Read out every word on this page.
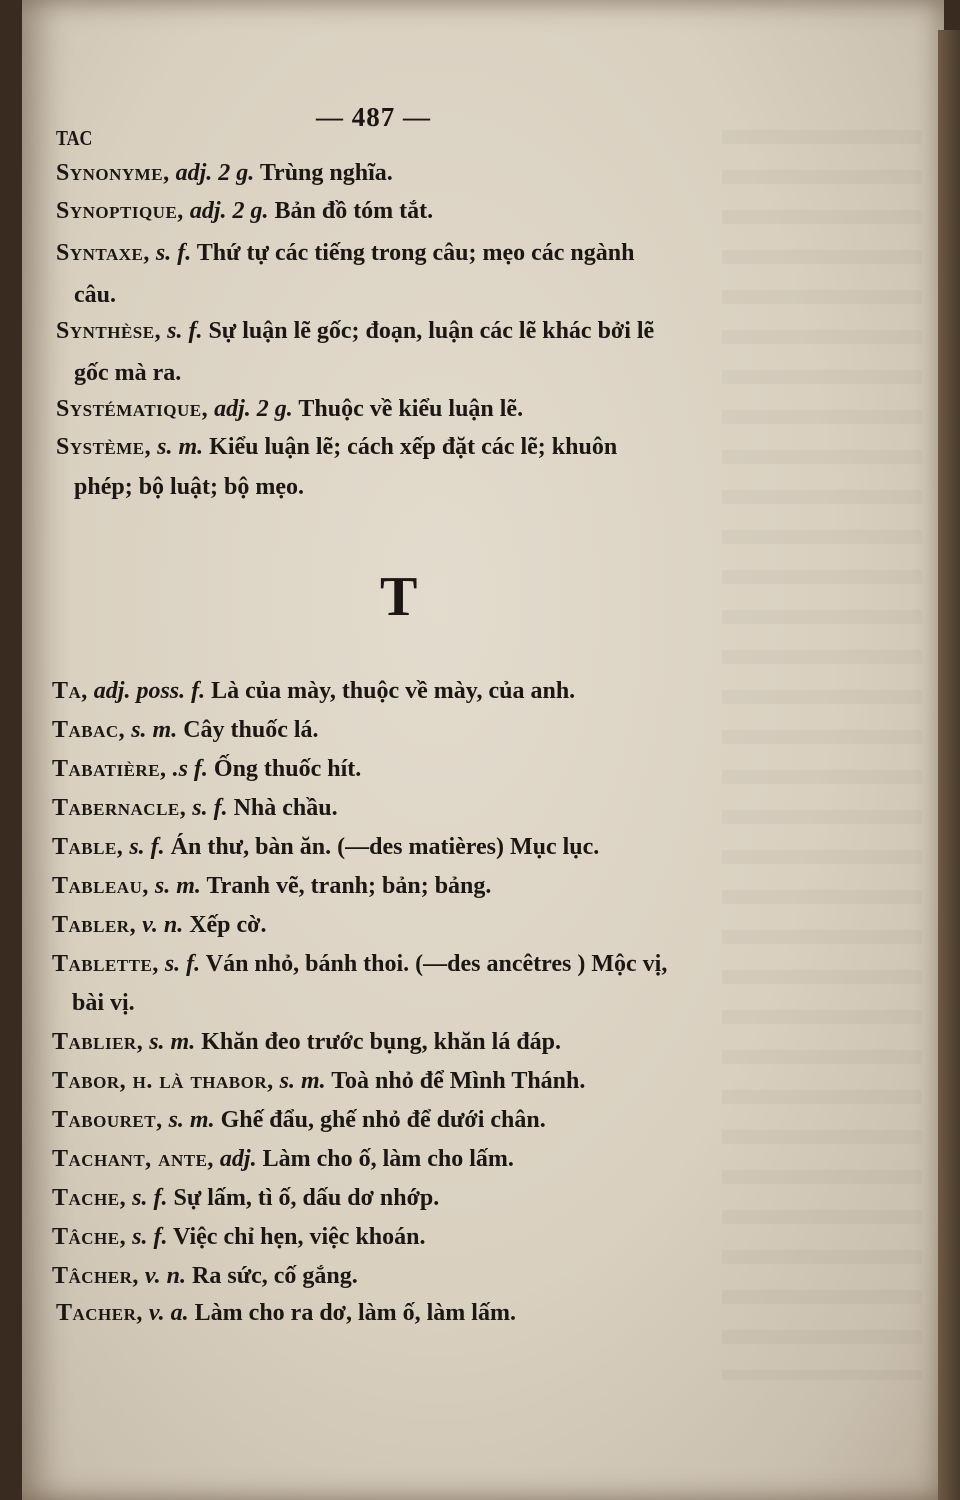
— 487 —
TAC
Synonyme, adj. 2 g. Trùng nghĩa.
Synoptique, adj. 2 g. Bản đồ tóm tắt.
Syntaxe, s. f. Thứ tự các tiếng trong câu; mẹo các ngành
câu.
Synthèse, s. f. Sự luận lẽ gốc; đoạn, luận các lẽ khác bởi lẽ
gốc mà ra.
Systématique, adj. 2 g. Thuộc về kiểu luận lẽ.
Système, s. m. Kiểu luận lẽ; cách xếp đặt các lẽ; khuôn
phép; bộ luật; bộ mẹo.
T
Ta, adj. poss. f. Là của mày, thuộc về mày, của anh.
Tabac, s. m. Cây thuốc lá.
Tabatière, .s f. Ống thuốc hít.
Tabernacle, s. f. Nhà chầu.
Table, s. f. Án thư, bàn ăn. (—des matières) Mục lục.
Tableau, s. m. Tranh vẽ, tranh; bản; bảng.
Tabler, v. n. Xếp cờ.
Tablette, s. f. Ván nhỏ, bánh thoi. (—des ancêtres ) Mộc vị,
bài vị.
Tablier, s. m. Khăn đeo trước bụng, khăn lá đáp.
Tabor, h. là thabor, s. m. Toà nhỏ để Mình Thánh.
Tabouret, s. m. Ghế đẩu, ghế nhỏ để dưới chân.
Tachant, ante, adj. Làm cho ố, làm cho lấm.
Tache, s. f. Sự lấm, tì ố, dấu dơ nhớp.
Tâche, s. f. Việc chỉ hẹn, việc khoán.
Tâcher, v. n. Ra sức, cố gắng.
Tacher, v. a. Làm cho ra dơ, làm ố, làm lấm.
